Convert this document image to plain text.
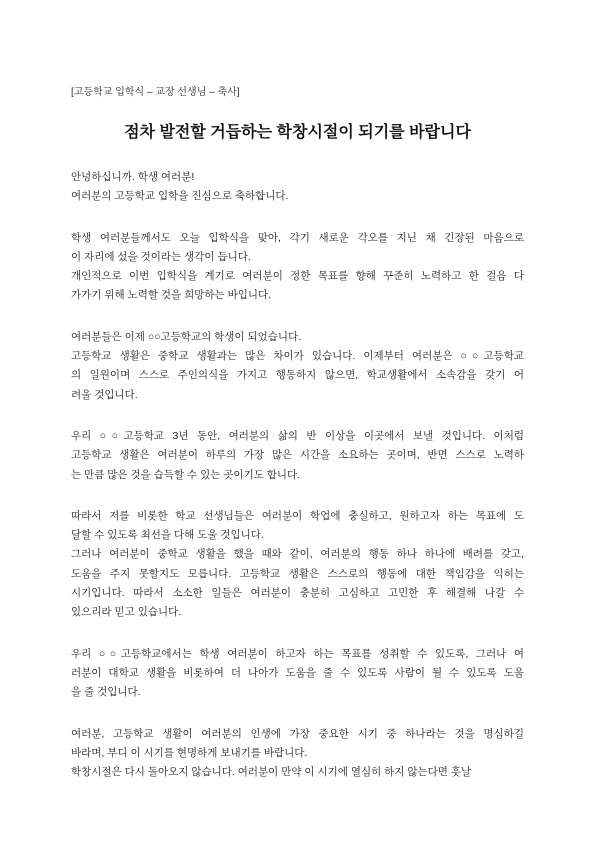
[고등학교 입학식 – 교장 선생님 – 축사]
점차 발전할 거듭하는 학창시절이 되기를 바랍니다
안녕하십니까. 학생 여러분!
여러분의 고등학교 입학을 진심으로 축하합니다.
학생 여러분들께서도 오늘 입학식을 맞아, 각기 새로운 각오를 지닌 채 긴장된 마음으로
이 자리에 섰을 것이라는 생각이 듭니다.
개인적으로 이번 입학식을 계기로 여러분이 정한 목표를 향해 꾸준히 노력하고 한 걸음 다
가가기 위해 노력할 것을 희망하는 바입니다.
여러분들은 이제 ○○고등학교의 학생이 되었습니다.
고등학교 생활은 중학교 생활과는 많은 차이가 있습니다. 이제부터 여러분은 ○○고등학교
의 일원이며 스스로 주인의식을 가지고 행동하지 않으면, 학교생활에서 소속감을 갖기 어
려울 것입니다.
우리 ○○고등학교 3년 동안, 여러분의 삶의 반 이상을 이곳에서 보낼 것입니다. 이처럼
고등학교 생활은 여러분이 하루의 가장 많은 시간을 소요하는 곳이며, 반면 스스로 노력하
는 만큼 많은 것을 습득할 수 있는 곳이기도 합니다.
따라서 저를 비롯한 학교 선생님들은 여러분이 학업에 충실하고, 원하고자 하는 목표에 도
달할 수 있도록 최선을 다해 도울 것입니다.
그러나 여러분이 중학교 생활을 했을 때와 같이, 여러분의 행동 하나 하나에 배려를 갖고,
도움을 주지 못할지도 모릅니다. 고등학교 생활은 스스로의 행동에 대한 책임감을 익히는
시기입니다. 따라서 소소한 일들은 여러분이 충분히 고심하고 고민한 후 해결해 나갈 수
있으리라 믿고 있습니다.
우리 ○○고등학교에서는 학생 여러분이 하고자 하는 목표를 성취할 수 있도록, 그러나 여
러분이 대학교 생활을 비롯하여 더 나아가 도움을 줄 수 있도록 사람이 될 수 있도록 도움
을 줄 것입니다.
여러분, 고등학교 생활이 여러분의 인생에 가장 중요한 시기 중 하나라는 것을 명심하길
바라며, 부디 이 시기를 현명하게 보내기를 바랍니다.
학창시절은 다시 돌아오지 않습니다. 여러분이 만약 이 시기에 열심히 하지 않는다면 훗날
